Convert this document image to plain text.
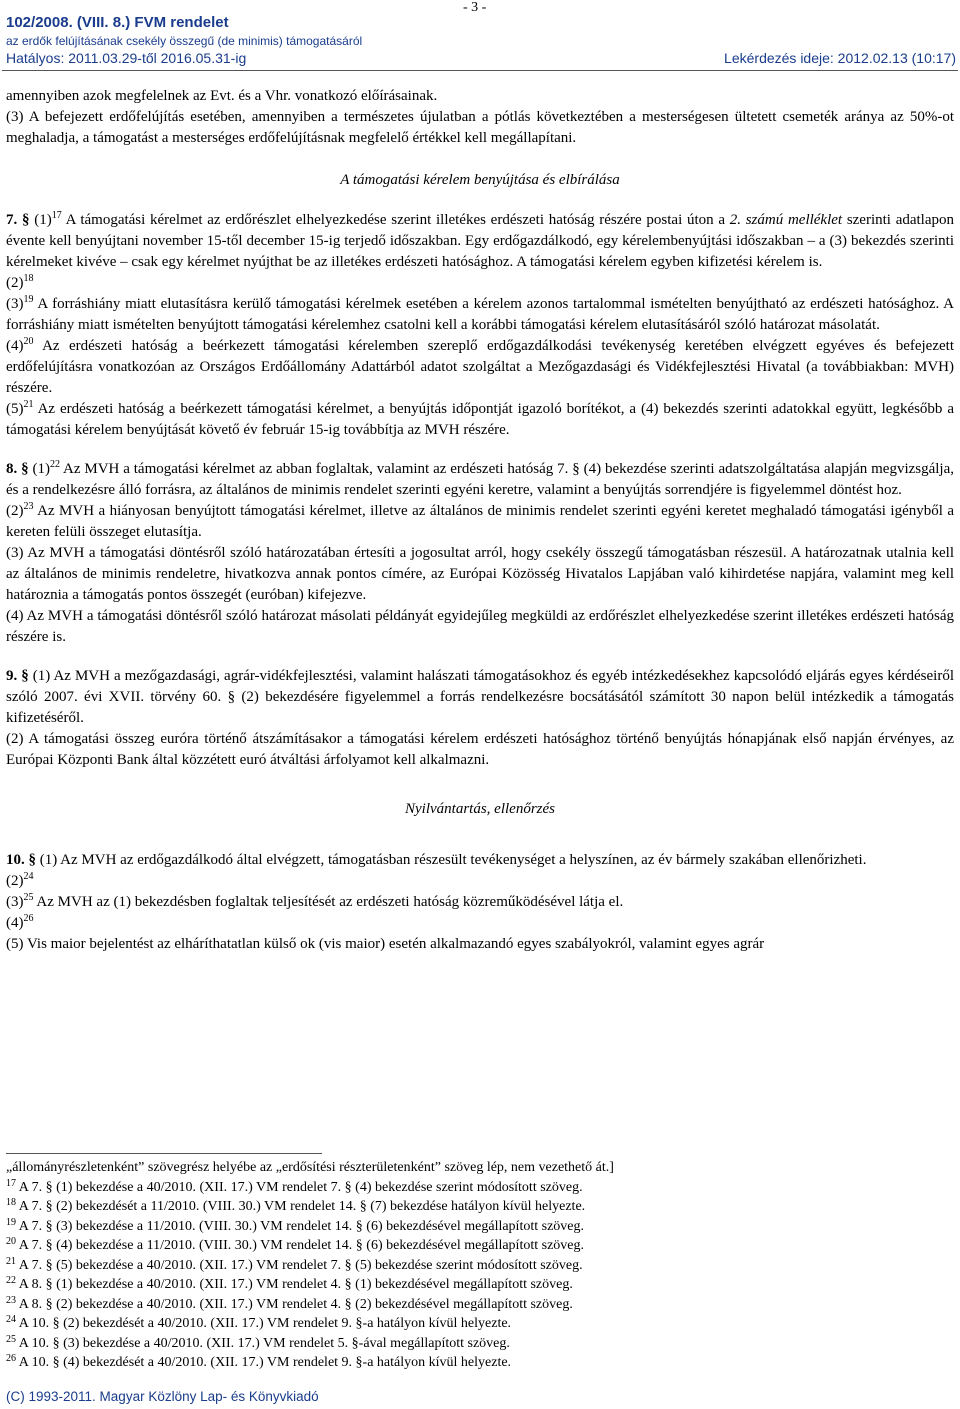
102/2008. (VIII. 8.) FVM rendelet
az erdők felújításának csekély összegű (de minimis) támogatásáról
Hatályos: 2011.03.29-től 2016.05.31-ig
- 3 -
Lekérdezés ideje: 2012.02.13 (10:17)

amennyiben azok megfelelnek az Evt. és a Vhr. vonatkozó előírásainak.

(3) A befejezett erdőfelújítás esetében, amennyiben a természetes újulatban a pótlás következtében a mesterségesen ültetett csemeték aránya az 50%-ot meghaladja, a támogatást a mesterséges erdőfelújításnak megfelelő értékkel kell megállapítani.

A támogatási kérelem benyújtása és elbírálása

7. § $(1)^{17}$ A támogatási kérelmet az erdőrészlet elhelyezkedése szerint illetékes erdészeti hatóság részére postai úton a 2. számú melléklet szerinti adatlapon évente kell benyújtani november 15-től december 15-ig terjedő időszakban. Egy erdőgazdálkodó, egy kérelembenyújtási időszakban – a (3) bekezdés szerinti kérelmeket kivéve – csak egy kérelmet nyújthat be az illetékes erdészeti hatósághoz. A támogatási kérelem egyben kifizetési kérelem is.

$(2)^{18}$

$(3)^{19}$ A forráshiány miatt elutasításra kerülő támogatási kérelmek esetében a kérelem azonos tartalommal ismételten benyújtható az erdészeti hatósághoz. A forráshiány miatt ismételten benyújtott támogatási kérelemhez csatolni kell a korábbi támogatási kérelem elutasításáról szóló határozat másolatát.

$(4)^{20}$ Az erdészeti hatóság a beérkezett támogatási kérelemben szereplő erdőgazdálkodási tevékenység keretében elvégzett egyéves és befejezett erdőfelújításra vonatkozóan az Országos Erdőállomány Adattárból adatot szolgáltat a Mezőgazdasági és Vidékfejlesztési Hivatal (a továbbiakban: MVH) részére.

$(5)^{21}$ Az erdészeti hatóság a beérkezett támogatási kérelmet, a benyújtás időpontját igazoló borítékot, a (4) bekezdés szerinti adatokkal együtt, legkésőbb a támogatási kérelem benyújtását követő év február 15-ig továbbítja az MVH részére.

8. § $(1)^{22}$ Az MVH a támogatási kérelmet az abban foglaltak, valamint az erdészeti hatóság 7. § (4) bekezdése szerinti adatszolgáltatása alapján megvizsgálja, és a rendelkezésre álló forrásra, az általános de minimis rendelet szerinti egyéni keretre, valamint a benyújtás sorrendjére is figyelemmel döntést hoz.

$(2)^{23}$ Az MVH a hiányosan benyújtott támogatási kérelmet, illetve az általános de minimis rendelet szerinti egyéni keretet meghaladó támogatási igényből a kereten felüli összeget elutasítja.

(3) Az MVH a támogatási döntésről szóló határozatában értesíti a jogosultat arról, hogy csekély összegű támogatásban részesül. A határozatnak utalnia kell az általános de minimis rendeletre, hivatkozva annak pontos címére, az Európai Közösség Hivatalos Lapjában való kihirdetése napjára, valamint meg kell határoznia a támogatás pontos összegét (euróban) kifejezve.

(4) Az MVH a támogatási döntésről szóló határozat másolati példányát egyidejűleg megküldi az erdőrészlet elhelyezkedése szerint illetékes erdészeti hatóság részére is.

9. § (1) Az MVH a mezőgazdasági, agrár-vidékfejlesztési, valamint halászati támogatásokhoz és egyéb intézkedésekhez kapcsolódó eljárás egyes kérdéseiről szóló 2007. évi XVII. törvény 60. § (2) bekezdésére figyelemmel a forrás rendelkezésre bocsátásától számított 30 napon belül intézkedik a támogatás kifizetéséről.

(2) A támogatási összeg euróra történő átszámításakor a támogatási kérelem erdészeti hatósághoz történő benyújtás hónapjának első napján érvényes, az Európai Központi Bank által közzétett euró átváltási árfolyamot kell alkalmazni.

Nyilvántartás, ellenőrzés

10. § (1) Az MVH az erdőgazdálkodó által elvégzett, támogatásban részesült tevékenységet a helyszínen, az év bármely szakában ellenőrizheti.

$(2)^{24}$

$(3)^{25}$ Az MVH az (1) bekezdésben foglaltak teljesítését az erdészeti hatóság közreműködésével látja el.

$(4)^{26}$

(5) Vis maior bejelentést az elháríthatatlan külső ok (vis maior) esetén alkalmazandó egyes szabályokról, valamint egyes agrár

„állományrészletenként” szövegrész helyébe az „erdősítési részterületenként” szöveg lép, nem vezethető át.]

$^{17}$ A 7. § (1) bekezdése a 40/2010. (XII. 17.) VM rendelet 7. § (4) bekezdése szerint módosított szöveg.

$^{18}$ A 7. § (2) bekezdését a 11/2010. (VIII. 30.) VM rendelet 14. § (7) bekezdése hatályon kívül helyezte.

$^{19}$ A 7. § (3) bekezdése a 11/2010. (VIII. 30.) VM rendelet 14. § (6) bekezdésével megállapított szöveg.

$^{20}$ A 7. § (4) bekezdése a 11/2010. (VIII. 30.) VM rendelet 14. § (6) bekezdésével megállapított szöveg.

$^{21}$ A 7. § (5) bekezdése a 40/2010. (XII. 17.) VM rendelet 7. § (5) bekezdése szerint módosított szöveg.

$^{22}$ A 8. § (1) bekezdése a 40/2010. (XII. 17.) VM rendelet 4. § (1) bekezdésével megállapított szöveg.

$^{23}$ A 8. § (2) bekezdése a 40/2010. (XII. 17.) VM rendelet 4. § (2) bekezdésével megállapított szöveg.

$^{24}$ A 10. § (2) bekezdését a 40/2010. (XII. 17.) VM rendelet 9. §-a hatályon kívül helyezte.

$^{25}$ A 10. § (3) bekezdése a 40/2010. (XII. 17.) VM rendelet 5. §-ával megállapított szöveg.

$^{26}$ A 10. § (4) bekezdését a 40/2010. (XII. 17.) VM rendelet 9. §-a hatályon kívül helyezte.

(C) 1993-2011. Magyar Közlöny Lap- és Könyvkiadó
